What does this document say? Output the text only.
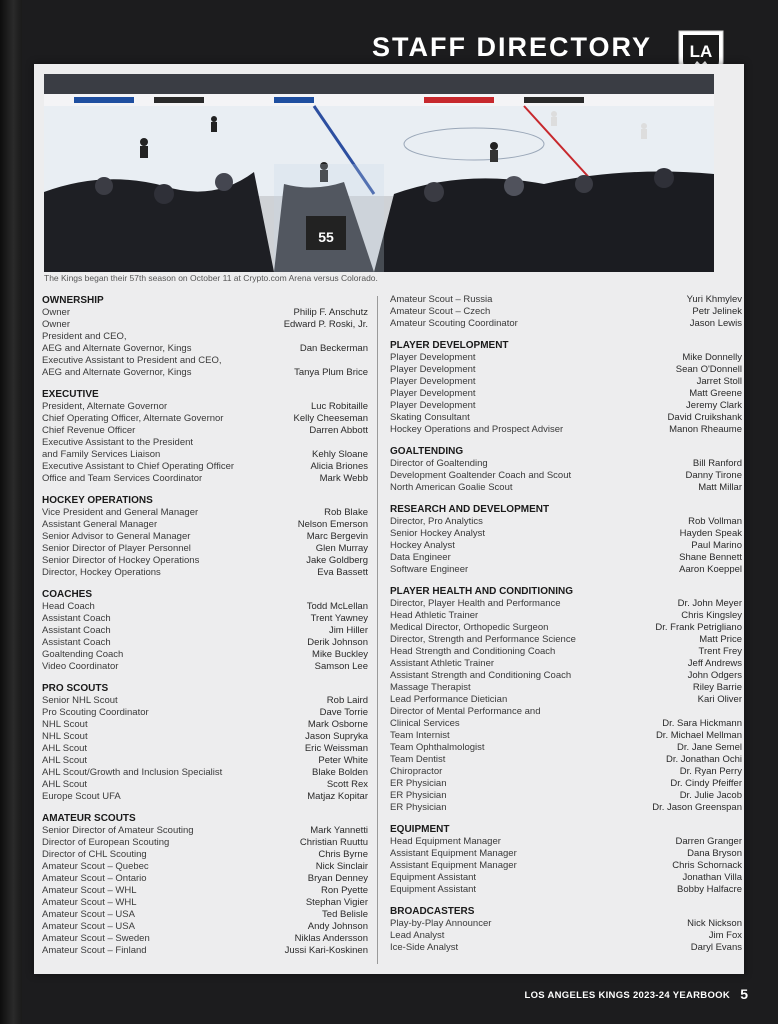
STAFF DIRECTORY LA
55
The Kings began their 57th season on October 11 at Crypto.com Arena versus Colorado.
OWNERSHIP
Owner	Philip F. Anschutz
Owner	Edward P. Roski, Jr.
President and CEO,
AEG and Alternate Governor, Kings	Dan Beckerman
Executive Assistant to President and CEO,
AEG and Alternate Governor, Kings	Tanya Plum Brice
EXECUTIVE
President, Alternate Governor	Luc Robitaille
Chief Operating Officer, Alternate Governor	Kelly Cheeseman
Chief Revenue Officer	Darren Abbott
Executive Assistant to the President
and Family Services Liaison	Kehly Sloane
Executive Assistant to Chief Operating Officer	Alicia Briones
Office and Team Services Coordinator	Mark Webb
HOCKEY OPERATIONS
Vice President and General Manager	Rob Blake
Assistant General Manager	Nelson Emerson
Senior Advisor to General Manager	Marc Bergevin
Senior Director of Player Personnel	Glen Murray
Senior Director of Hockey Operations	Jake Goldberg
Director, Hockey Operations	Eva Bassett
COACHES
Head Coach	Todd McLellan
Assistant Coach	Trent Yawney
Assistant Coach	Jim Hiller
Assistant Coach	Derik Johnson
Goaltending Coach	Mike Buckley
Video Coordinator	Samson Lee
PRO SCOUTS
Senior NHL Scout	Rob Laird
Pro Scouting Coordinator	Dave Torrie
NHL Scout	Mark Osborne
NHL Scout	Jason Supryka
AHL Scout	Eric Weissman
AHL Scout	Peter White
AHL Scout/Growth and Inclusion Specialist	Blake Bolden
AHL Scout	Scott Rex
Europe Scout UFA	Matjaz Kopitar
AMATEUR SCOUTS
Senior Director of Amateur Scouting	Mark Yannetti
Director of European Scouting	Christian Ruuttu
Director of CHL Scouting	Chris Byrne
Amateur Scout – Quebec	Nick Sinclair
Amateur Scout – Ontario	Bryan Denney
Amateur Scout – WHL	Ron Pyette
Amateur Scout – WHL	Stephan Vigier
Amateur Scout – USA	Ted Belisle
Amateur Scout – USA	Andy Johnson
Amateur Scout – Sweden	Niklas Andersson
Amateur Scout – Finland	Jussi Kari-Koskinen
Amateur Scout – Russia	Yuri Khmylev
Amateur Scout – Czech	Petr Jelinek
Amateur Scouting Coordinator	Jason Lewis
PLAYER DEVELOPMENT
Player Development	Mike Donnelly
Player Development	Sean O'Donnell
Player Development	Jarret Stoll
Player Development	Matt Greene
Player Development	Jeremy Clark
Skating Consultant	David Cruikshank
Hockey Operations and Prospect Adviser	Manon Rheaume
GOALTENDING
Director of Goaltending	Bill Ranford
Development Goaltender Coach and Scout	Danny Tirone
North American Goalie Scout	Matt Millar
RESEARCH AND DEVELOPMENT
Director, Pro Analytics	Rob Vollman
Senior Hockey Analyst	Hayden Speak
Hockey Analyst	Paul Marino
Data Engineer	Shane Bennett
Software Engineer	Aaron Koeppel
PLAYER HEALTH AND CONDITIONING
Director, Player Health and Performance	Dr. John Meyer
Head Athletic Trainer	Chris Kingsley
Medical Director, Orthopedic Surgeon	Dr. Frank Petrigliano
Director, Strength and Performance Science	Matt Price
Head Strength and Conditioning Coach	Trent Frey
Assistant Athletic Trainer	Jeff Andrews
Assistant Strength and Conditioning Coach	John Odgers
Massage Therapist	Riley Barrie
Lead Performance Dietician	Kari Oliver
Director of Mental Performance and
Clinical Services	Dr. Sara Hickmann
Team Internist	Dr. Michael Mellman
Team Ophthalmologist	Dr. Jane Semel
Team Dentist	Dr. Jonathan Ochi
Chiropractor	Dr. Ryan Perry
ER Physician	Dr. Cindy Pfeiffer
ER Physician	Dr. Julie Jacob
ER Physician	Dr. Jason Greenspan
EQUIPMENT
Head Equipment Manager	Darren Granger
Assistant Equipment Manager	Dana Bryson
Assistant Equipment Manager	Chris Schornack
Equipment Assistant	Jonathan Villa
Equipment Assistant	Bobby Halfacre
BROADCASTERS
Play-by-Play Announcer	Nick Nickson
Lead Analyst	Jim Fox
Ice-Side Analyst	Daryl Evans
LOS ANGELES KINGS 2023-24 YEARBOOK 5
